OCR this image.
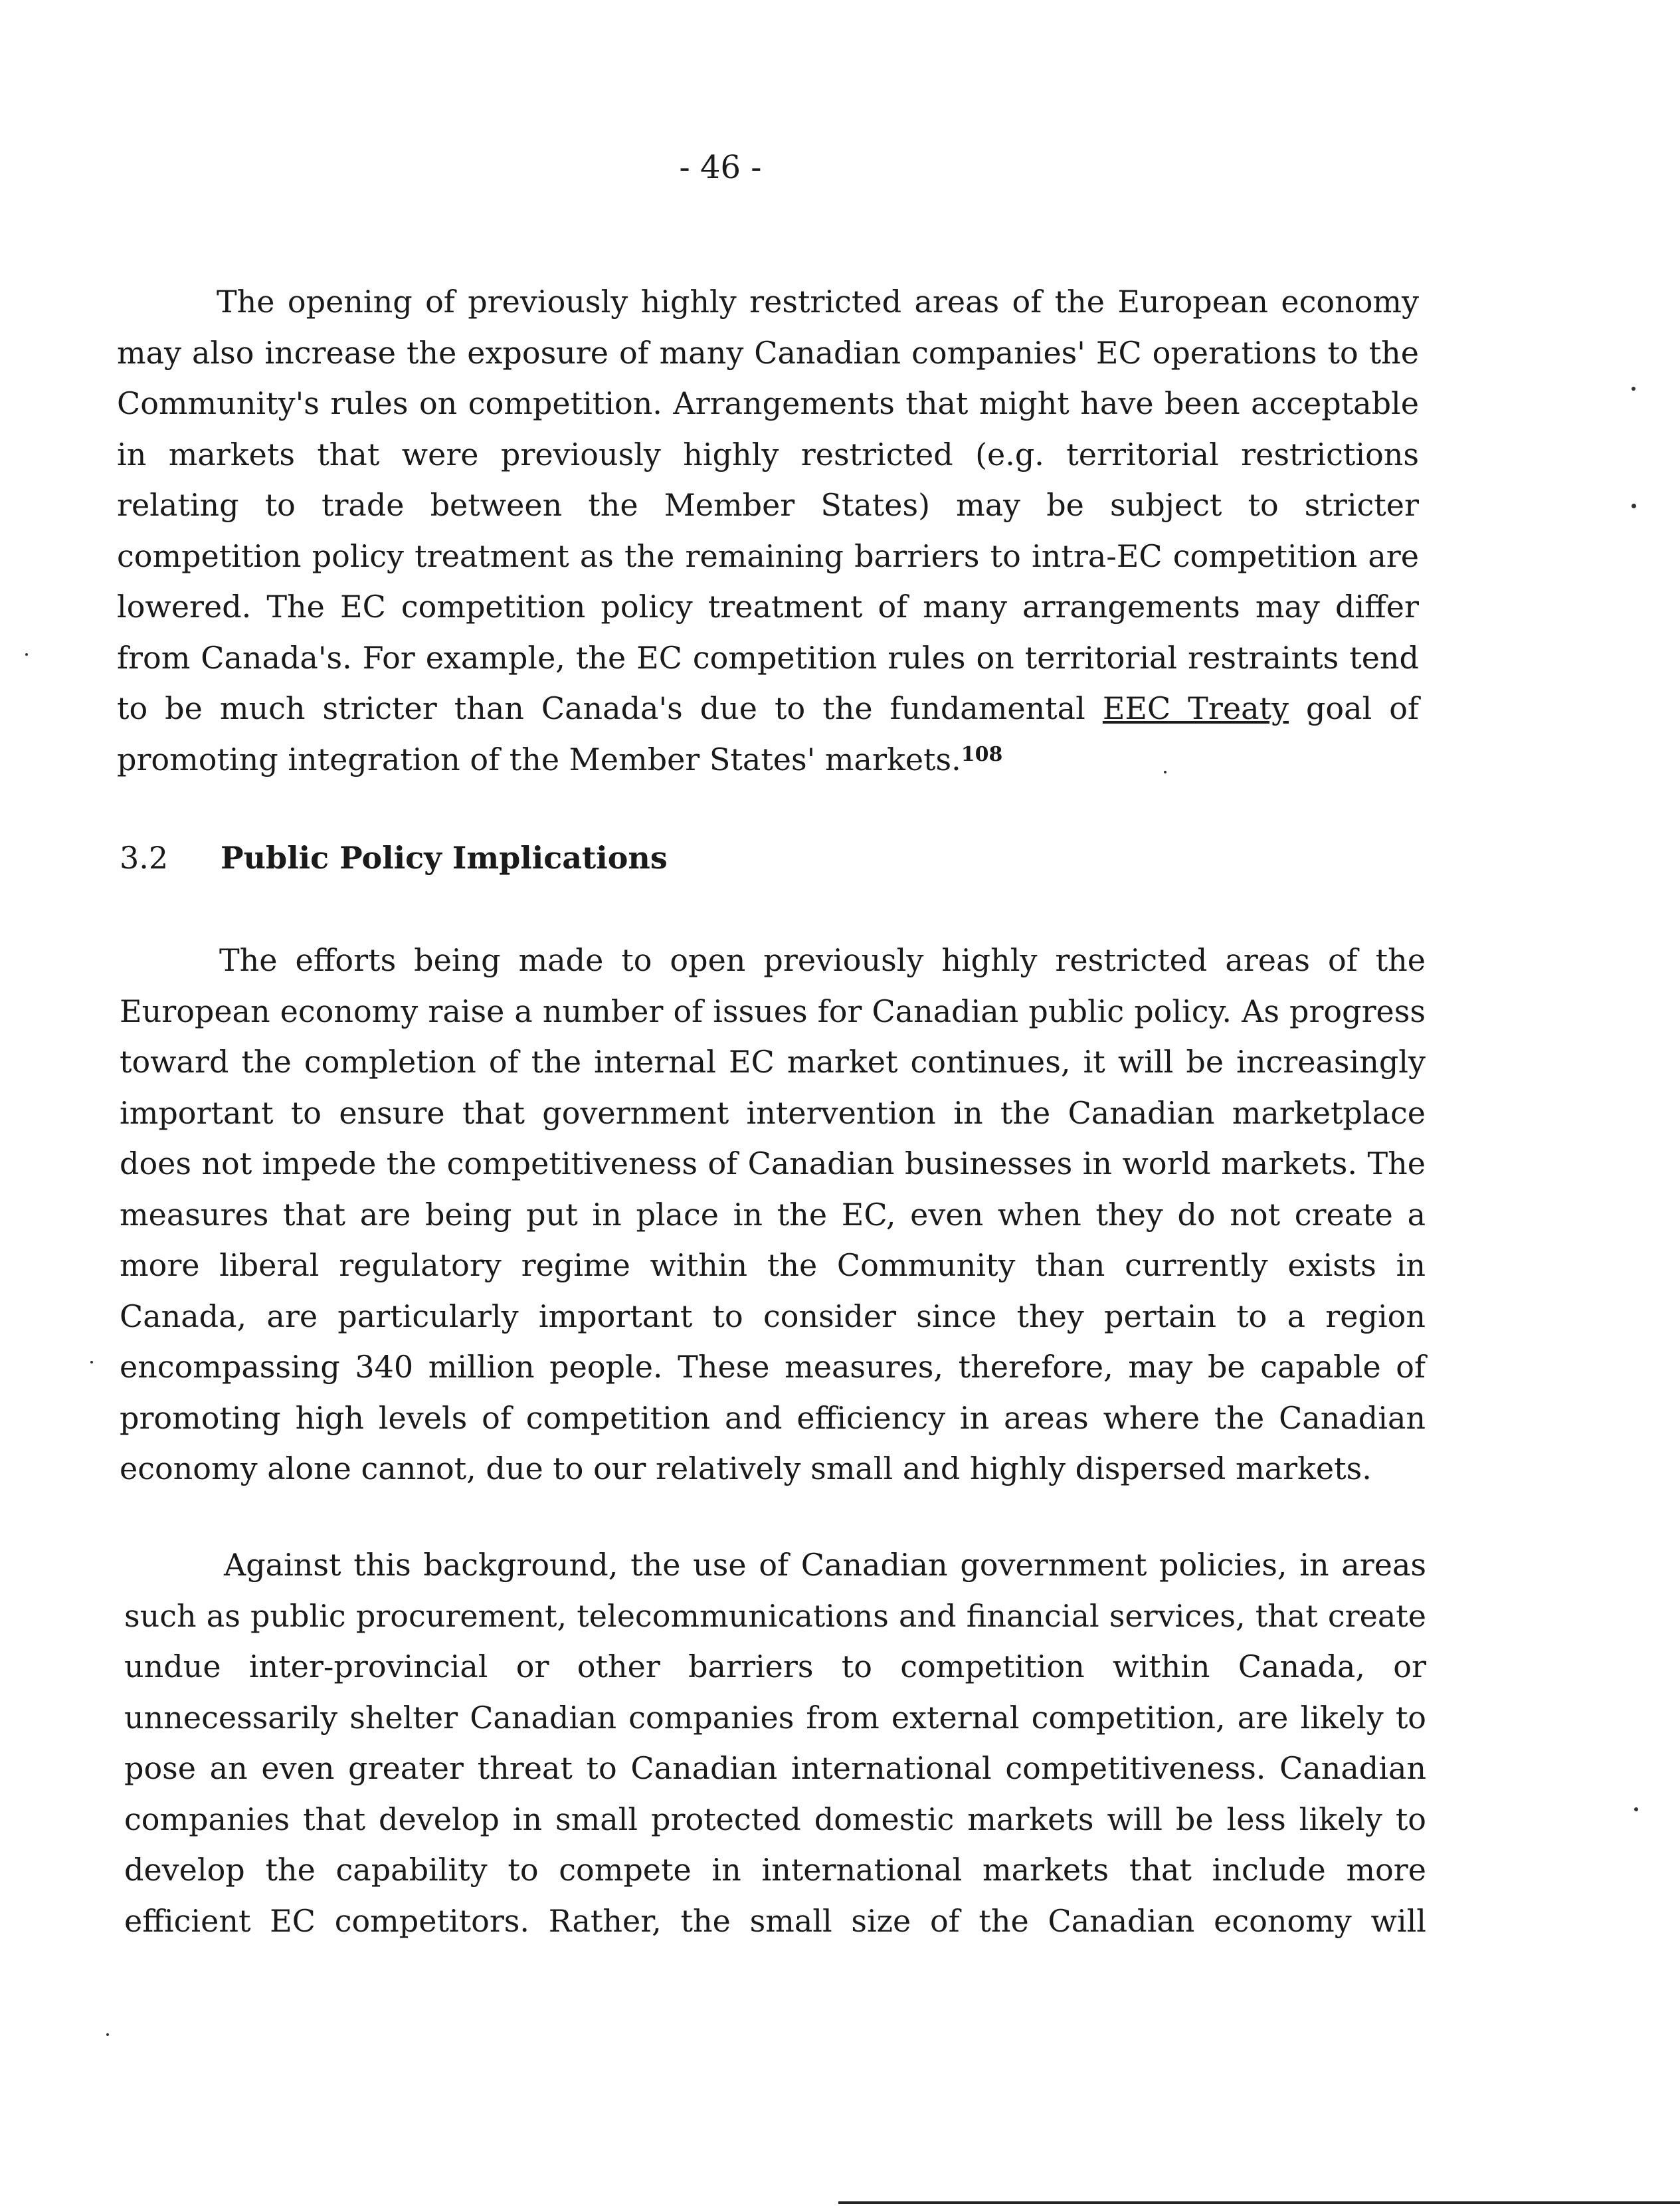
- 46 -

The opening of previously highly restricted areas of the European economy may also increase the exposure of many Canadian companies' EC operations to the Community's rules on competition. Arrangements that might have been acceptable in markets that were previously highly restricted (e.g. territorial restrictions relating to trade between the Member States) may be subject to stricter competition policy treatment as the remaining barriers to intra-EC competition are lowered. The EC competition policy treatment of many arrangements may differ from Canada's. For example, the EC competition rules on territorial restraints tend to be much stricter than Canada's due to the fundamental EEC Treaty goal of promoting integration of the Member States' markets.$^{108}$

3.2 Public Policy Implications

The efforts being made to open previously highly restricted areas of the European economy raise a number of issues for Canadian public policy. As progress toward the completion of the internal EC market continues, it will be increasingly important to ensure that government intervention in the Canadian marketplace does not impede the competitiveness of Canadian businesses in world markets. The measures that are being put in place in the EC, even when they do not create a more liberal regulatory regime within the Community than currently exists in Canada, are particularly important to consider since they pertain to a region encompassing 340 million people. These measures, therefore, may be capable of promoting high levels of competition and efficiency in areas where the Canadian economy alone cannot, due to our relatively small and highly dispersed markets.

Against this background, the use of Canadian government policies, in areas such as public procurement, telecommunications and financial services, that create undue inter-provincial or other barriers to competition within Canada, or unnecessarily shelter Canadian companies from external competition, are likely to pose an even greater threat to Canadian international competitiveness. Canadian companies that develop in small protected domestic markets will be less likely to develop the capability to compete in international markets that include more efficient EC competitors. Rather, the small size of the Canadian economy will
